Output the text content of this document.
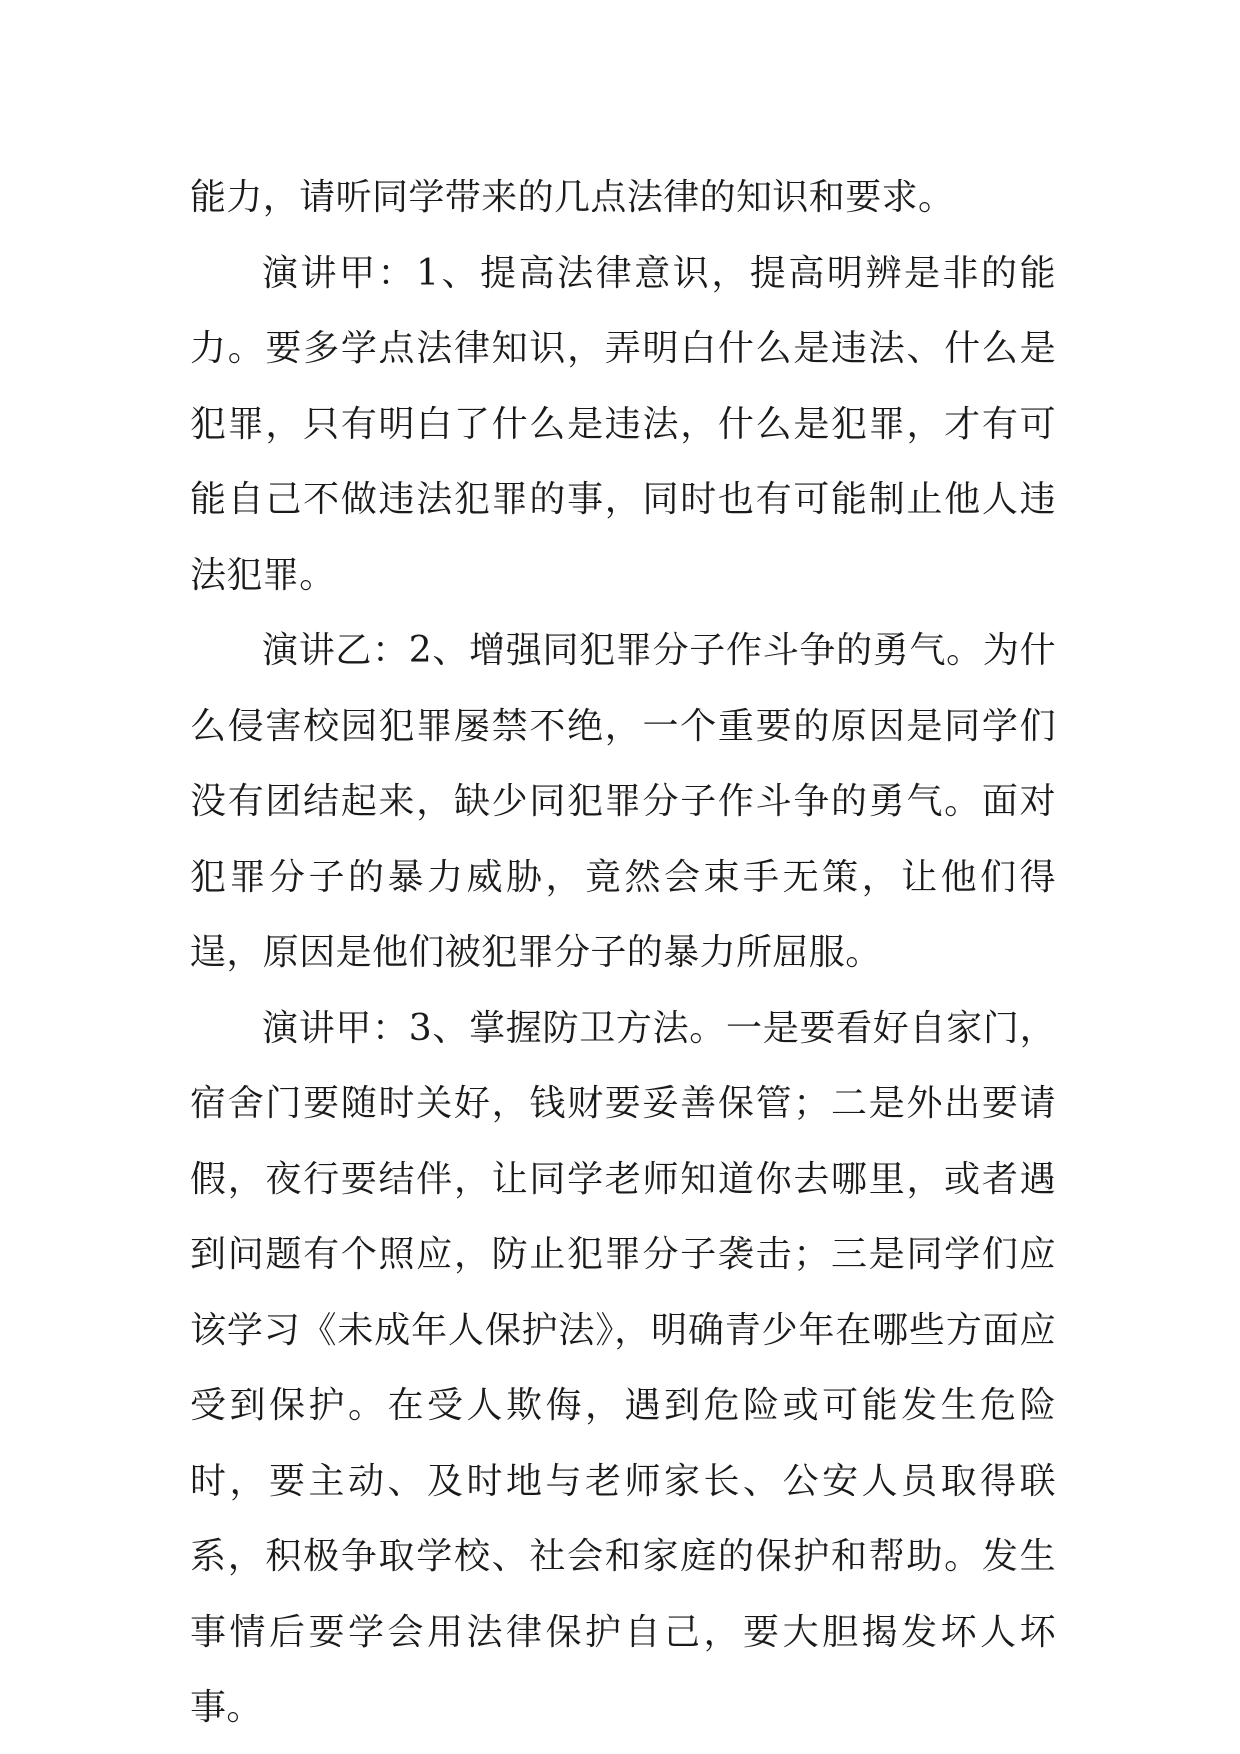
能力，请听同学带来的几点法律的知识和要求。

演讲甲：1、提高法律意识，提高明辨是非的能力。要多学点法律知识，弄明白什么是违法、什么是犯罪，只有明白了什么是违法，什么是犯罪，才有可能自己不做违法犯罪的事，同时也有可能制止他人违法犯罪。

演讲乙：2、增强同犯罪分子作斗争的勇气。为什么侵害校园犯罪屡禁不绝，一个重要的原因是同学们没有团结起来，缺少同犯罪分子作斗争的勇气。面对犯罪分子的暴力威胁，竟然会束手无策，让他们得逞，原因是他们被犯罪分子的暴力所屈服。

演讲甲：3、掌握防卫方法。一是要看好自家门，宿舍门要随时关好，钱财要妥善保管；二是外出要请假，夜行要结伴，让同学老师知道你去哪里，或者遇到问题有个照应，防止犯罪分子袭击；三是同学们应该学习《未成年人保护法》，明确青少年在哪些方面应受到保护。在受人欺侮，遇到危险或可能发生危险时，要主动、及时地与老师家长、公安人员取得联系，积极争取学校、社会和家庭的保护和帮助。发生事情后要学会用法律保护自己，要大胆揭发坏人坏事。
